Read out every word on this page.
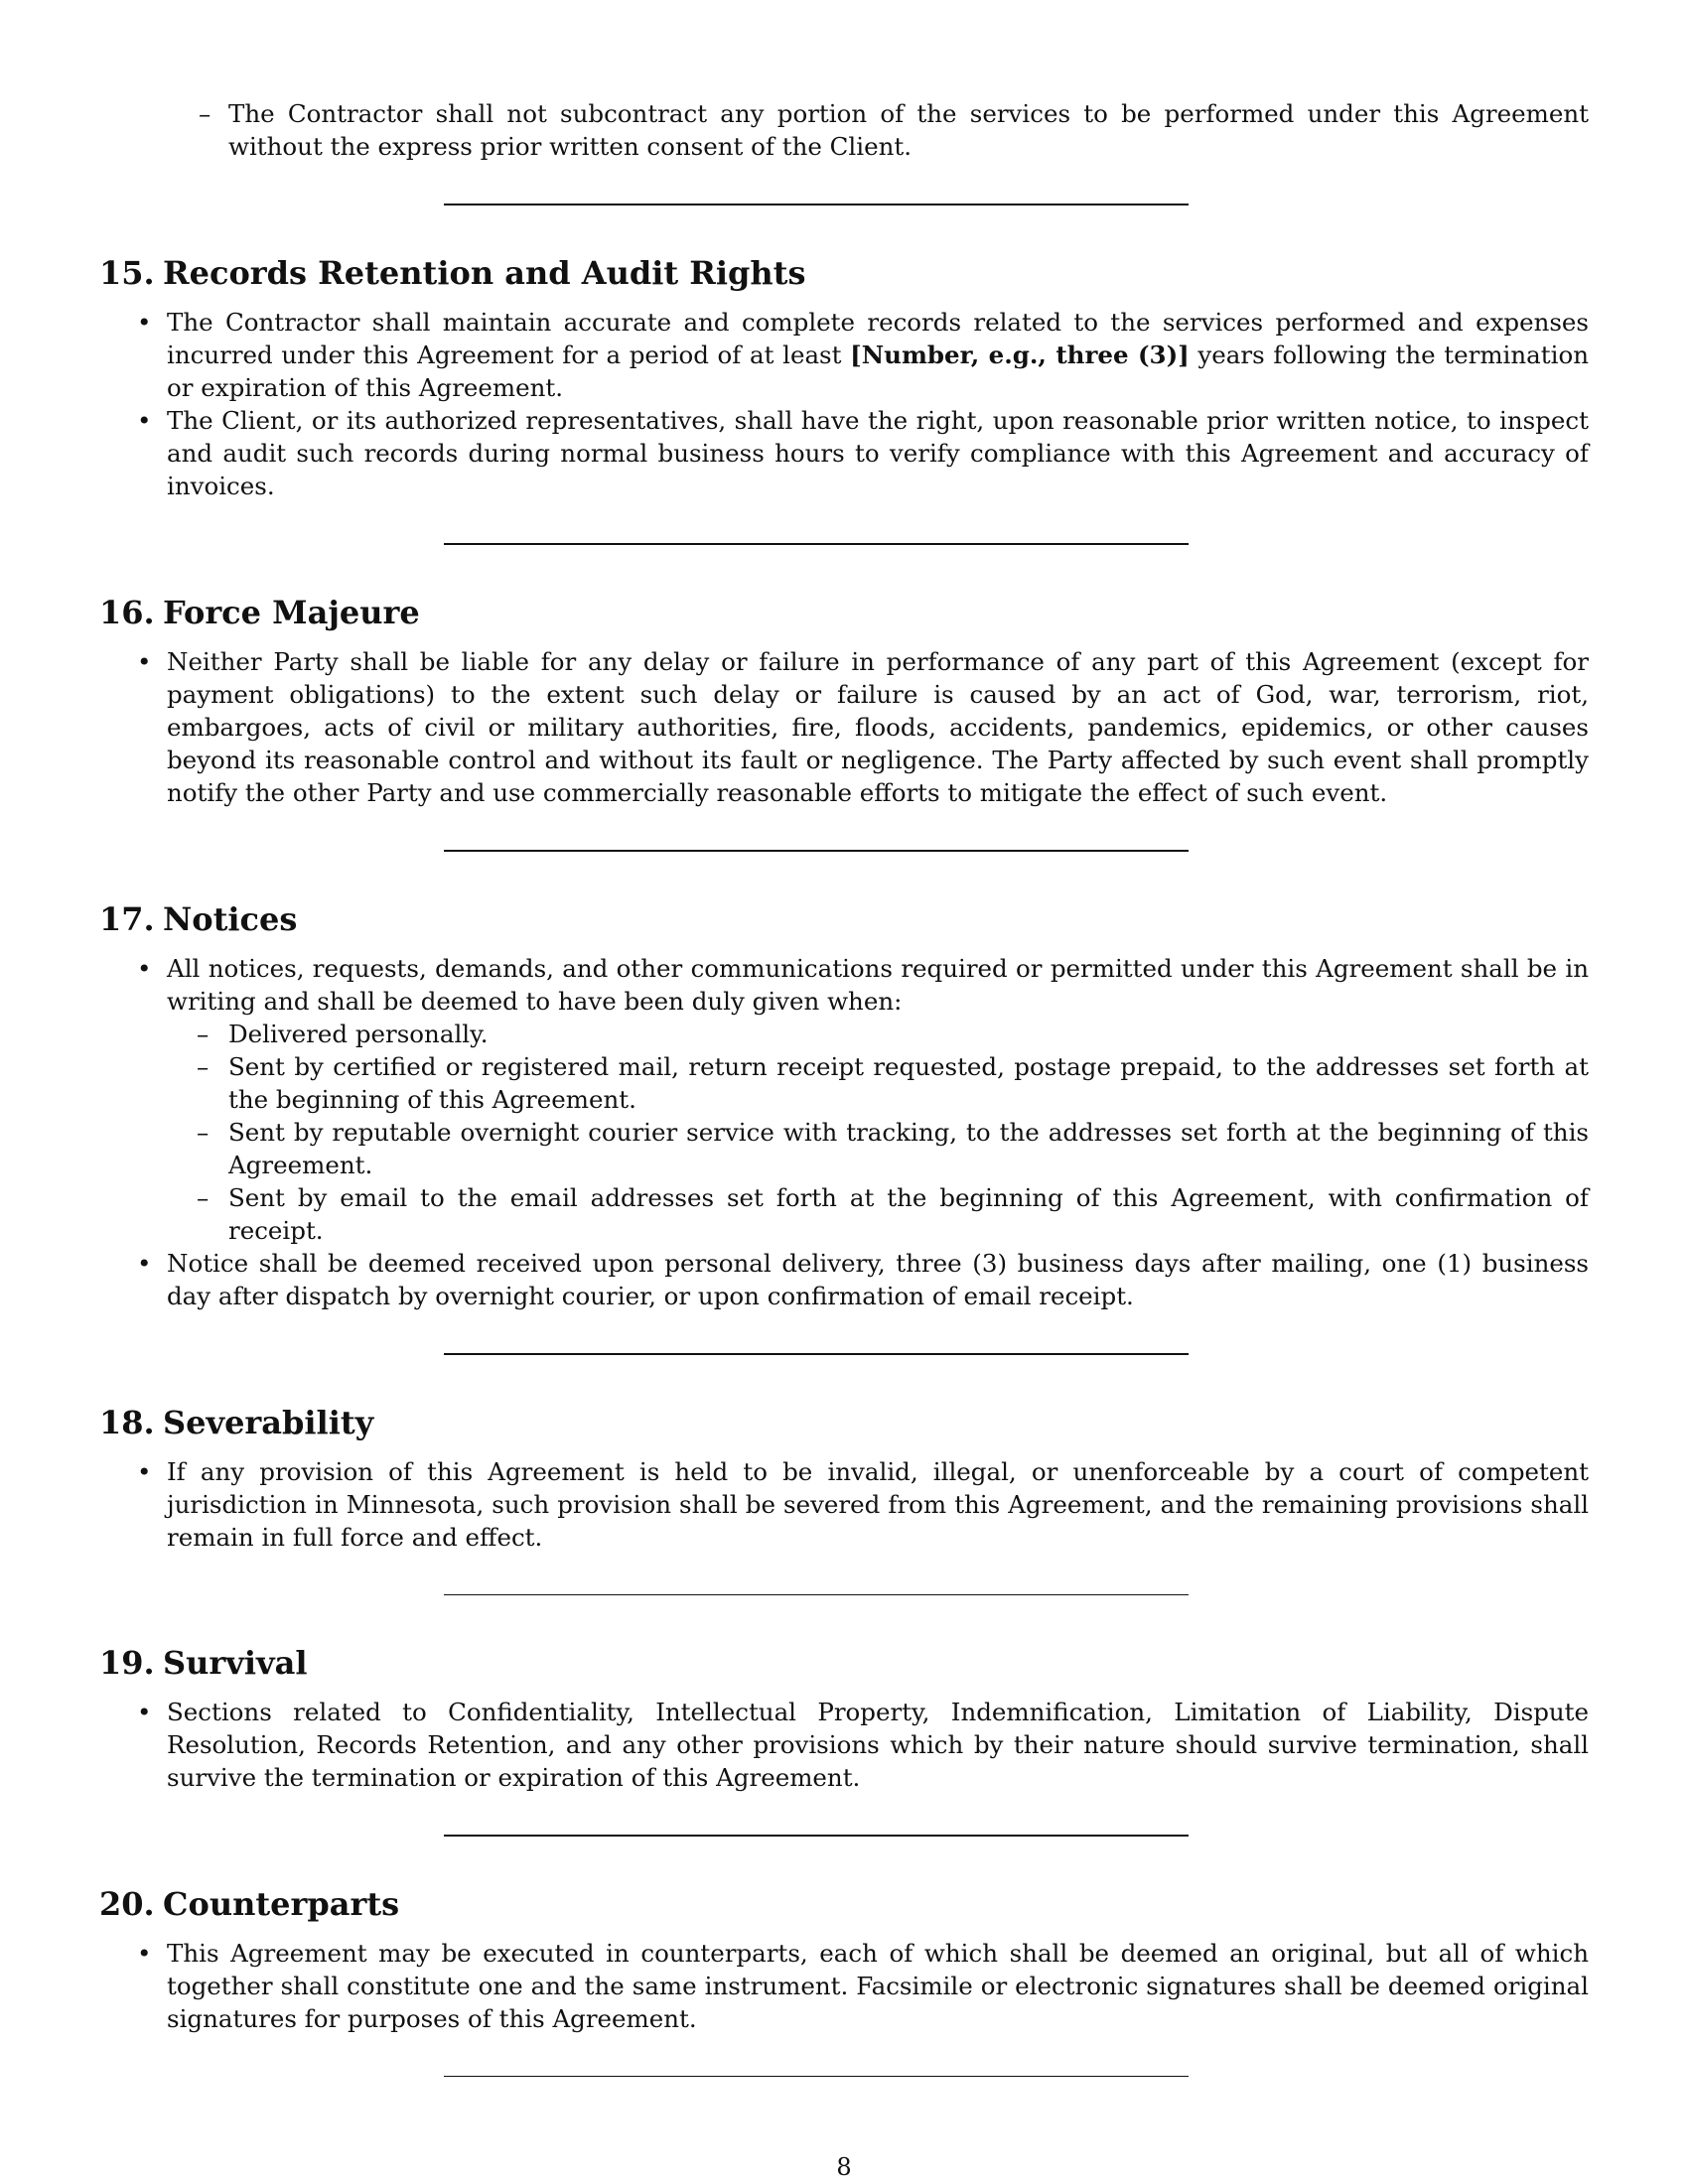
– The Contractor shall not subcontract any portion of the services to be performed under this Agreement without the express prior written consent of the Client.
15. Records Retention and Audit Rights
• The Contractor shall maintain accurate and complete records related to the services performed and expenses incurred under this Agreement for a period of at least [Number, e.g., three (3)] years following the termination or expiration of this Agreement.
• The Client, or its authorized representatives, shall have the right, upon reasonable prior written notice, to inspect and audit such records during normal business hours to verify compliance with this Agreement and accuracy of invoices.
16. Force Majeure
• Neither Party shall be liable for any delay or failure in performance of any part of this Agreement (except for payment obligations) to the extent such delay or failure is caused by an act of God, war, terrorism, riot, embargoes, acts of civil or military authorities, fire, floods, accidents, pandemics, epidemics, or other causes beyond its reasonable control and without its fault or negligence. The Party affected by such event shall promptly notify the other Party and use commercially reasonable efforts to mitigate the effect of such event.
17. Notices
• All notices, requests, demands, and other communications required or permitted under this Agreement shall be in writing and shall be deemed to have been duly given when:
– Delivered personally.
– Sent by certified or registered mail, return receipt requested, postage prepaid, to the addresses set forth at the beginning of this Agreement.
– Sent by reputable overnight courier service with tracking, to the addresses set forth at the beginning of this Agreement.
– Sent by email to the email addresses set forth at the beginning of this Agreement, with confirmation of receipt.
• Notice shall be deemed received upon personal delivery, three (3) business days after mailing, one (1) business day after dispatch by overnight courier, or upon confirmation of email receipt.
18. Severability
• If any provision of this Agreement is held to be invalid, illegal, or unenforceable by a court of competent jurisdiction in Minnesota, such provision shall be severed from this Agreement, and the remaining provisions shall remain in full force and effect.
19. Survival
• Sections related to Confidentiality, Intellectual Property, Indemnification, Limitation of Liability, Dispute Resolution, Records Retention, and any other provisions which by their nature should survive termination, shall survive the termination or expiration of this Agreement.
20. Counterparts
• This Agreement may be executed in counterparts, each of which shall be deemed an original, but all of which together shall constitute one and the same instrument. Facsimile or electronic signatures shall be deemed original signatures for purposes of this Agreement.
8
